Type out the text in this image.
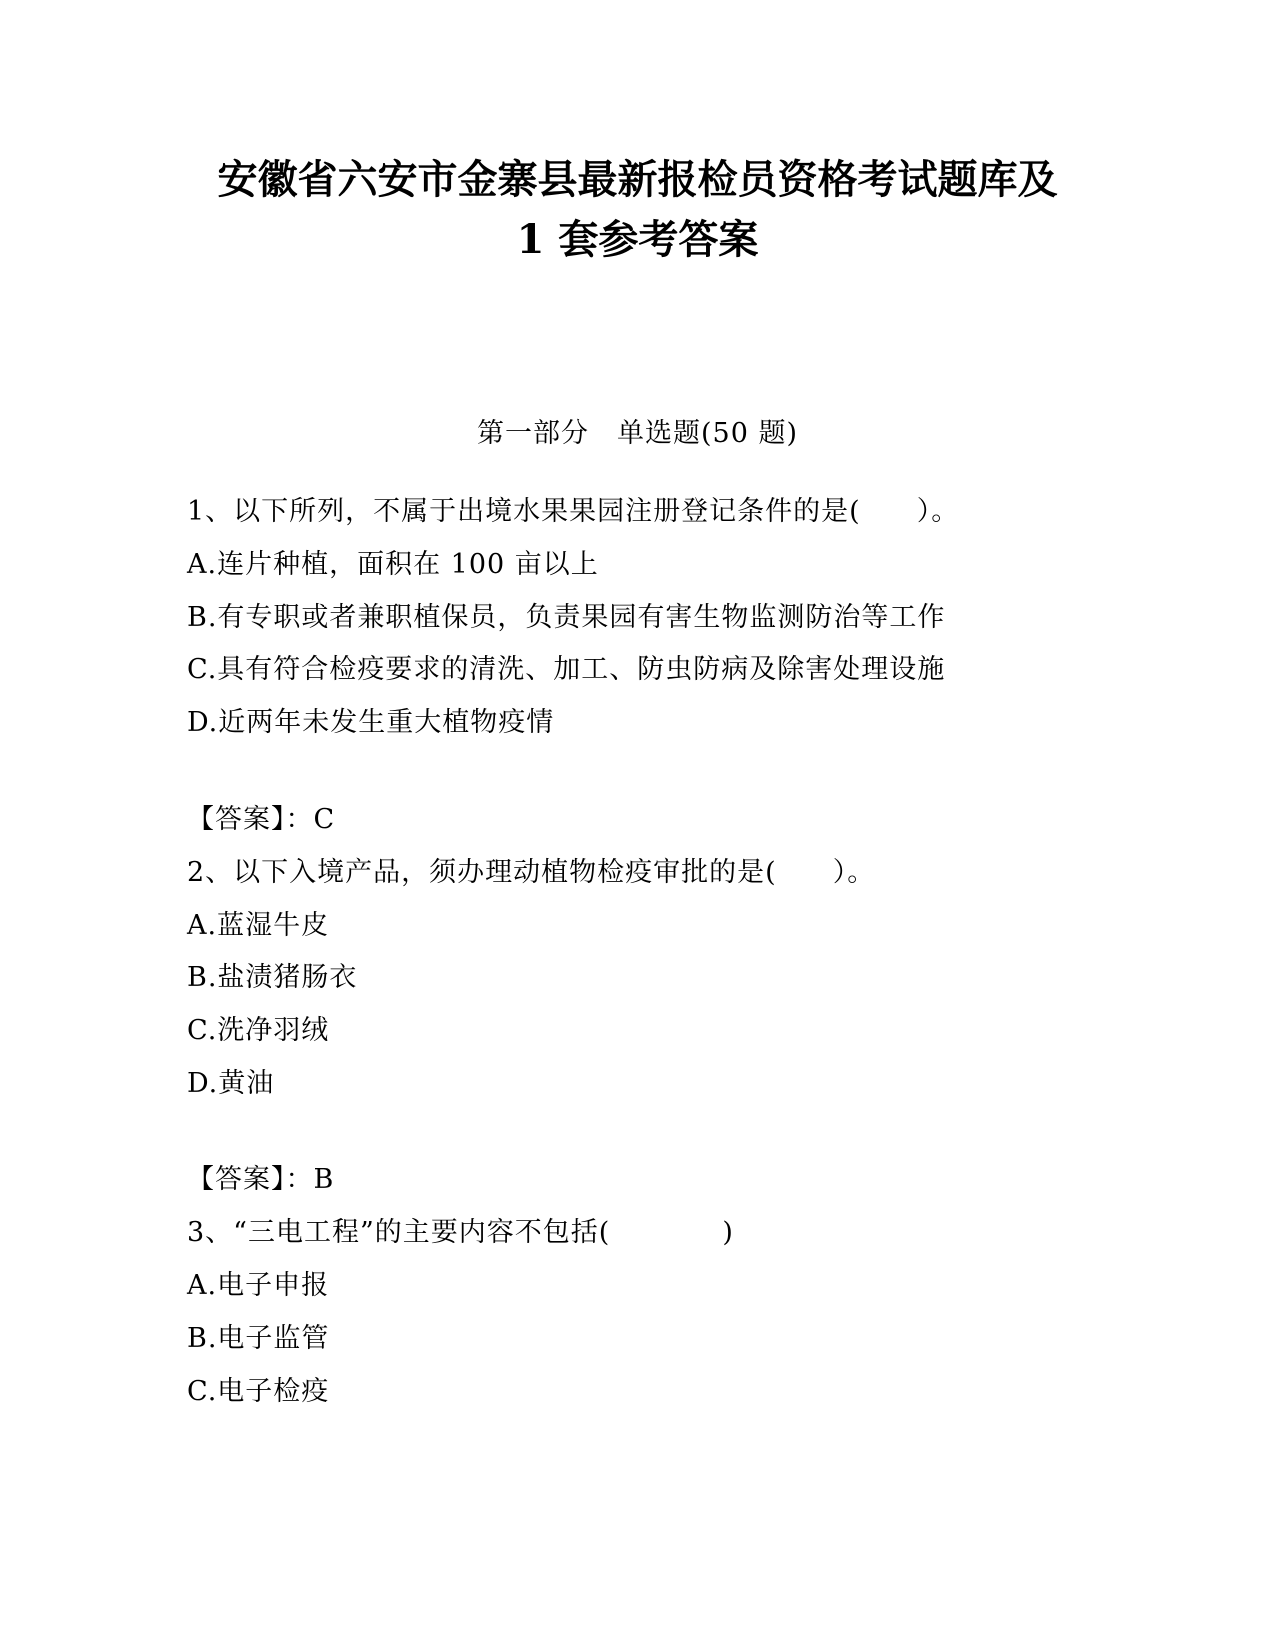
安徽省六安市金寨县最新报检员资格考试题库及
1 套参考答案
第一部分　单选题(50 题)
1、以下所列，不属于出境水果果园注册登记条件的是(　　）。
A.连片种植，面积在 100 亩以上
B.有专职或者兼职植保员，负责果园有害生物监测防治等工作
C.具有符合检疫要求的清洗、加工、防虫防病及除害处理设施
D.近两年未发生重大植物疫情
【答案】：C
2、以下入境产品，须办理动植物检疫审批的是(　　）。
A.蓝湿牛皮
B.盐渍猪肠衣
C.洗净羽绒
D.黄油
【答案】：B
3、“三电工程”的主要内容不包括(　　　　)
A.电子申报
B.电子监管
C.电子检疫
